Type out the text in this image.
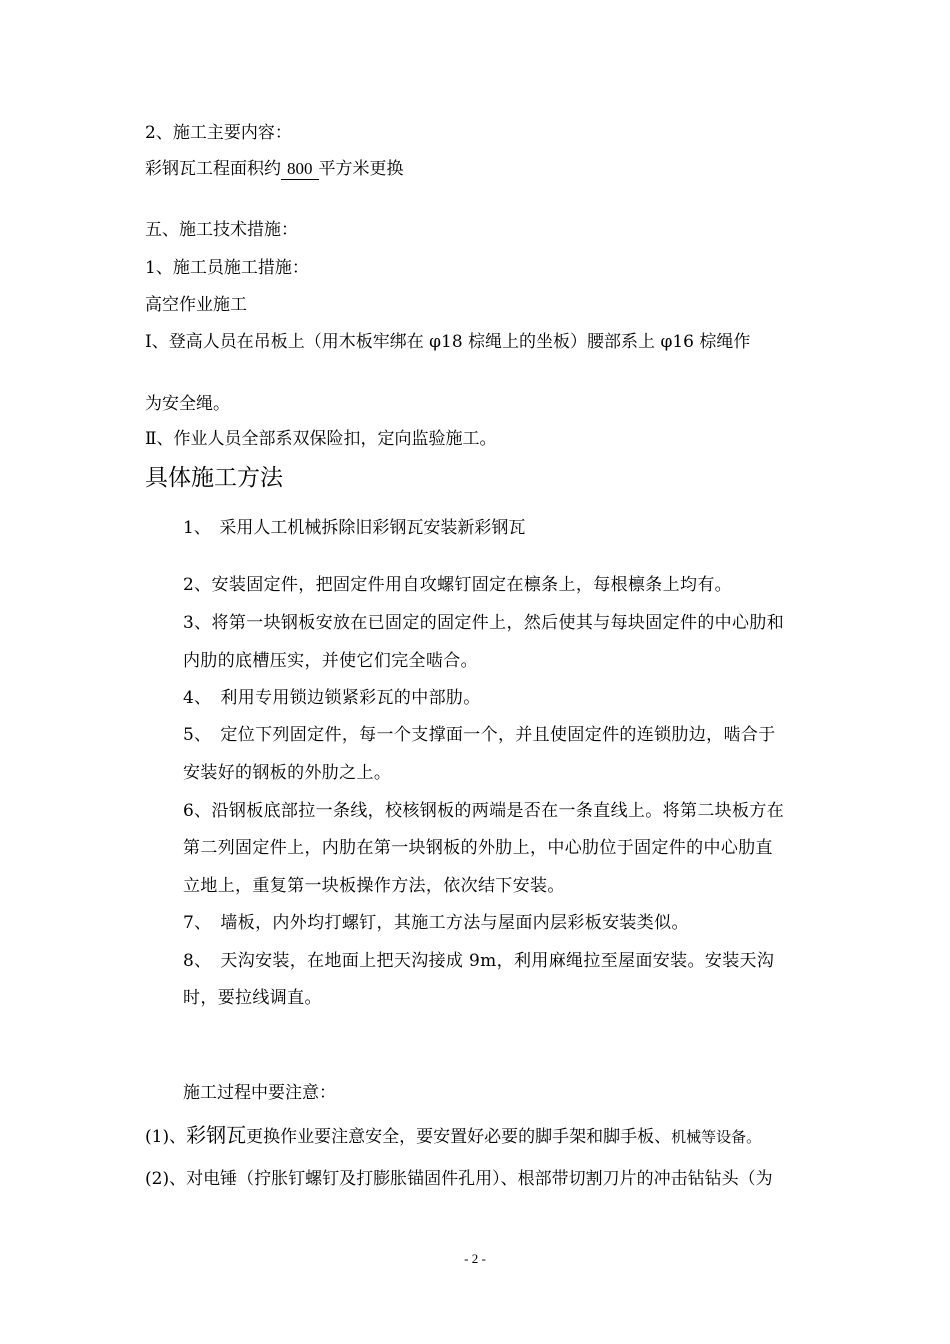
2、施工主要内容：
彩钢瓦工程面积约 800 平方米更换
五、施工技术措施：
1、施工员施工措施：
高空作业施工
Ⅰ、登高人员在吊板上（用木板牢绑在 φ18 棕绳上的坐板）腰部系上 φ16 棕绳作
为安全绳。
Ⅱ、作业人员全部系双保险扣，定向监验施工。
具体施工方法
1、　采用人工机械拆除旧彩钢瓦安装新彩钢瓦
2、安装固定件，把固定件用自攻螺钉固定在檩条上，每根檩条上均有。
3、将第一块钢板安放在已固定的固定件上，然后使其与每块固定件的中心肋和
内肋的底槽压实，并使它们完全啮合。
4、　利用专用锁边锁紧彩瓦的中部肋。
5、　定位下列固定件，每一个支撑面一个，并且使固定件的连锁肋边，啮合于
安装好的钢板的外肋之上。
6、沿钢板底部拉一条线，校核钢板的两端是否在一条直线上。将第二块板方在
第二列固定件上，内肋在第一块钢板的外肋上，中心肋位于固定件的中心肋直
立地上，重复第一块板操作方法，依次结下安装。
7、　墙板，内外均打螺钉，其施工方法与屋面内层彩板安装类似。
8、　天沟安装，在地面上把天沟接成 9m，利用麻绳拉至屋面安装。安装天沟
时，要拉线调直。
施工过程中要注意：
(1)、彩钢瓦更换作业要注意安全，要安置好必要的脚手架和脚手板、机械等设备。
(2)、对电锤（拧胀钉螺钉及打膨胀锚固件孔用）、根部带切割刀片的冲击钻钻头（为
- 2 -
